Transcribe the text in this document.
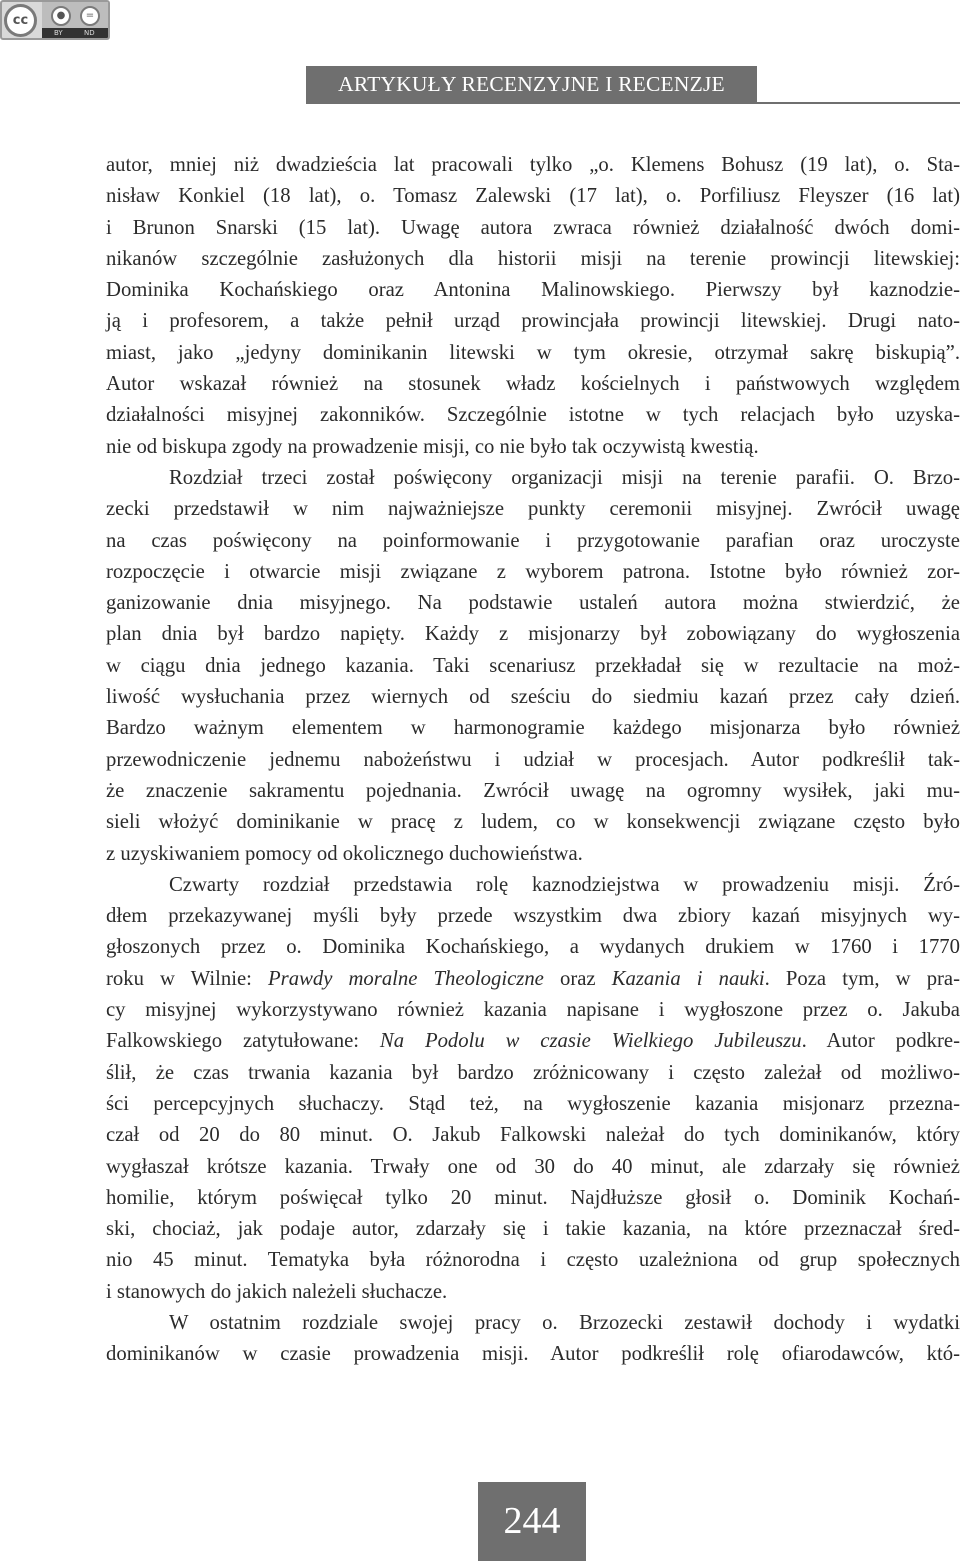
cc	●	=
BY	ND
ARTYKUŁY RECENZYJNE I RECENZJE
autor, mniej niż dwadzieścia lat pracowali tylko „o. Klemens Bohusz (19 lat), o. Sta-
nisław Konkiel (18 lat), o. Tomasz Zalewski (17 lat), o. Porfiliusz Fleyszer (16 lat)
i Brunon Snarski (15 lat). Uwagę autora zwraca również działalność dwóch domi-
nikanów szczególnie zasłużonych dla historii misji na terenie prowincji litewskiej:
Dominika Kochańskiego oraz Antonina Malinowskiego. Pierwszy był kaznodzie-
ją i profesorem, a także pełnił urząd prowincjała prowincji litewskiej. Drugi nato-
miast, jako „jedyny dominikanin litewski w tym okresie, otrzymał sakrę biskupią”.
Autor wskazał również na stosunek władz kościelnych i państwowych względem
działalności misyjnej zakonników. Szczególnie istotne w tych relacjach było uzyska-
nie od biskupa zgody na prowadzenie misji, co nie było tak oczywistą kwestią.
Rozdział trzeci został poświęcony organizacji misji na terenie parafii. O. Brzo-
zecki przedstawił w nim najważniejsze punkty ceremonii misyjnej. Zwrócił uwagę
na czas poświęcony na poinformowanie i przygotowanie parafian oraz uroczyste
rozpoczęcie i otwarcie misji związane z wyborem patrona. Istotne było również zor-
ganizowanie dnia misyjnego. Na podstawie ustaleń autora można stwierdzić, że
plan dnia był bardzo napięty. Każdy z misjonarzy był zobowiązany do wygłoszenia
w ciągu dnia jednego kazania. Taki scenariusz przekładał się w rezultacie na moż-
liwość wysłuchania przez wiernych od sześciu do siedmiu kazań przez cały dzień.
Bardzo ważnym elementem w harmonogramie każdego misjonarza było również
przewodniczenie jednemu nabożeństwu i udział w procesjach. Autor podkreślił tak-
że znaczenie sakramentu pojednania. Zwrócił uwagę na ogromny wysiłek, jaki mu-
sieli włożyć dominikanie w pracę z ludem, co w konsekwencji związane często było
z uzyskiwaniem pomocy od okolicznego duchowieństwa.
Czwarty rozdział przedstawia rolę kaznodziejstwa w prowadzeniu misji. Źró-
dłem przekazywanej myśli były przede wszystkim dwa zbiory kazań misyjnych wy-
głoszonych przez o. Dominika Kochańskiego, a wydanych drukiem w 1760 i 1770
roku w Wilnie: Prawdy moralne Theologiczne oraz Kazania i nauki. Poza tym, w pra-
cy misyjnej wykorzystywano również kazania napisane i wygłoszone przez o. Jakuba
Falkowskiego zatytułowane: Na Podolu w czasie Wielkiego Jubileuszu. Autor podkre-
ślił, że czas trwania kazania był bardzo zróżnicowany i często zależał od możliwo-
ści percepcyjnych słuchaczy. Stąd też, na wygłoszenie kazania misjonarz przezna-
czał od 20 do 80 minut. O. Jakub Falkowski należał do tych dominikanów, który
wygłaszał krótsze kazania. Trwały one od 30 do 40 minut, ale zdarzały się również
homilie, którym poświęcał tylko 20 minut. Najdłuższe głosił o. Dominik Kochań-
ski, chociaż, jak podaje autor, zdarzały się i takie kazania, na które przeznaczał śred-
nio 45 minut. Tematyka była różnorodna i często uzależniona od grup społecznych
i stanowych do jakich należeli słuchacze.
W ostatnim rozdziale swojej pracy o. Brzozecki zestawił dochody i wydatki
dominikanów w czasie prowadzenia misji. Autor podkreślił rolę ofiarodawców, któ-
244
